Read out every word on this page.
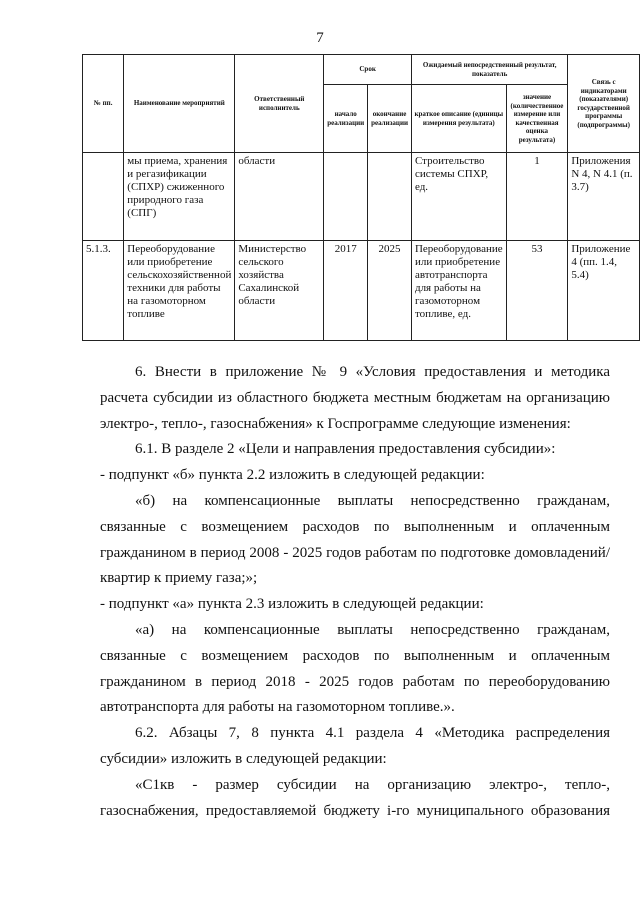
7
№ пп.	Наименование мероприятий	Ответственный исполнитель	Срок		Ожидаемый непосредственный результат, показатель		Связь с индикаторами (показателями) государственной программы (подпрограммы)
			начало реализации	окончание реализации	краткое описание (единицы измерения результата)	значение (количественное измерение или качественная оценка результата)	
	мы приема, хранения и регазификации (СПХР) сжиженного природного газа (СПГ)	области			Строительство системы СПХР, ед.	1	Приложения N 4, N 4.1 (п. 3.7)
5.1.3.	Переоборудование или приобретение сельскохозяйственной техники для работы на газомоторном топливе	Министерство сельского хозяйства Сахалинской области	2017	2025	Переоборудование или приобретение автотранспорта для работы на газомоторном топливе, ед.	53	Приложение 4 (пп. 1.4, 5.4)

6. Внести в приложение № 9 «Условия предоставления и методика расчета субсидии из областного бюджета местным бюджетам на организацию электро-, тепло-, газоснабжения» к Госпрограмме следующие изменения:

6.1. В разделе 2 «Цели и направления предоставления субсидии»:

- подпункт «б» пункта 2.2 изложить в следующей редакции:

«б) на компенсационные выплаты непосредственно гражданам, связанные с возмещением расходов по выполненным и оплаченным гражданином в период 2008 - 2025 годов работам по подготовке домовладений/квартир к приему газа;»;

- подпункт «а» пункта 2.3 изложить в следующей редакции:

«а) на компенсационные выплаты непосредственно гражданам, связанные с возмещением расходов по выполненным и оплаченным гражданином в период 2018 - 2025 годов работам по переоборудованию автотранспорта для работы на газомоторном топливе.».

6.2. Абзацы 7, 8 пункта 4.1 раздела 4 «Методика распределения субсидии» изложить в следующей редакции:

«С1кв - размер субсидии на организацию электро-, тепло-, газоснабжения, предоставляемой бюджету i-го муниципального образования
